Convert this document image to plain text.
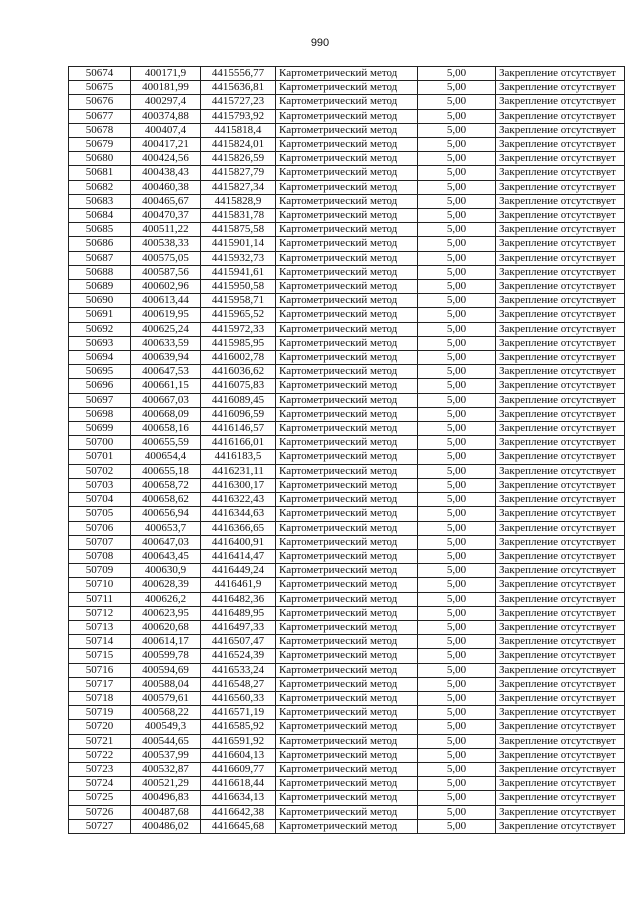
990
50674	400171,9	4415556,77	Картометрический метод	5,00	Закрепление отсутствует
50675	400181,99	4415636,81	Картометрический метод	5,00	Закрепление отсутствует
50676	400297,4	4415727,23	Картометрический метод	5,00	Закрепление отсутствует
50677	400374,88	4415793,92	Картометрический метод	5,00	Закрепление отсутствует
50678	400407,4	4415818,4	Картометрический метод	5,00	Закрепление отсутствует
50679	400417,21	4415824,01	Картометрический метод	5,00	Закрепление отсутствует
50680	400424,56	4415826,59	Картометрический метод	5,00	Закрепление отсутствует
50681	400438,43	4415827,79	Картометрический метод	5,00	Закрепление отсутствует
50682	400460,38	4415827,34	Картометрический метод	5,00	Закрепление отсутствует
50683	400465,67	4415828,9	Картометрический метод	5,00	Закрепление отсутствует
50684	400470,37	4415831,78	Картометрический метод	5,00	Закрепление отсутствует
50685	400511,22	4415875,58	Картометрический метод	5,00	Закрепление отсутствует
50686	400538,33	4415901,14	Картометрический метод	5,00	Закрепление отсутствует
50687	400575,05	4415932,73	Картометрический метод	5,00	Закрепление отсутствует
50688	400587,56	4415941,61	Картометрический метод	5,00	Закрепление отсутствует
50689	400602,96	4415950,58	Картометрический метод	5,00	Закрепление отсутствует
50690	400613,44	4415958,71	Картометрический метод	5,00	Закрепление отсутствует
50691	400619,95	4415965,52	Картометрический метод	5,00	Закрепление отсутствует
50692	400625,24	4415972,33	Картометрический метод	5,00	Закрепление отсутствует
50693	400633,59	4415985,95	Картометрический метод	5,00	Закрепление отсутствует
50694	400639,94	4416002,78	Картометрический метод	5,00	Закрепление отсутствует
50695	400647,53	4416036,62	Картометрический метод	5,00	Закрепление отсутствует
50696	400661,15	4416075,83	Картометрический метод	5,00	Закрепление отсутствует
50697	400667,03	4416089,45	Картометрический метод	5,00	Закрепление отсутствует
50698	400668,09	4416096,59	Картометрический метод	5,00	Закрепление отсутствует
50699	400658,16	4416146,57	Картометрический метод	5,00	Закрепление отсутствует
50700	400655,59	4416166,01	Картометрический метод	5,00	Закрепление отсутствует
50701	400654,4	4416183,5	Картометрический метод	5,00	Закрепление отсутствует
50702	400655,18	4416231,11	Картометрический метод	5,00	Закрепление отсутствует
50703	400658,72	4416300,17	Картометрический метод	5,00	Закрепление отсутствует
50704	400658,62	4416322,43	Картометрический метод	5,00	Закрепление отсутствует
50705	400656,94	4416344,63	Картометрический метод	5,00	Закрепление отсутствует
50706	400653,7	4416366,65	Картометрический метод	5,00	Закрепление отсутствует
50707	400647,03	4416400,91	Картометрический метод	5,00	Закрепление отсутствует
50708	400643,45	4416414,47	Картометрический метод	5,00	Закрепление отсутствует
50709	400630,9	4416449,24	Картометрический метод	5,00	Закрепление отсутствует
50710	400628,39	4416461,9	Картометрический метод	5,00	Закрепление отсутствует
50711	400626,2	4416482,36	Картометрический метод	5,00	Закрепление отсутствует
50712	400623,95	4416489,95	Картометрический метод	5,00	Закрепление отсутствует
50713	400620,68	4416497,33	Картометрический метод	5,00	Закрепление отсутствует
50714	400614,17	4416507,47	Картометрический метод	5,00	Закрепление отсутствует
50715	400599,78	4416524,39	Картометрический метод	5,00	Закрепление отсутствует
50716	400594,69	4416533,24	Картометрический метод	5,00	Закрепление отсутствует
50717	400588,04	4416548,27	Картометрический метод	5,00	Закрепление отсутствует
50718	400579,61	4416560,33	Картометрический метод	5,00	Закрепление отсутствует
50719	400568,22	4416571,19	Картометрический метод	5,00	Закрепление отсутствует
50720	400549,3	4416585,92	Картометрический метод	5,00	Закрепление отсутствует
50721	400544,65	4416591,92	Картометрический метод	5,00	Закрепление отсутствует
50722	400537,99	4416604,13	Картометрический метод	5,00	Закрепление отсутствует
50723	400532,87	4416609,77	Картометрический метод	5,00	Закрепление отсутствует
50724	400521,29	4416618,44	Картометрический метод	5,00	Закрепление отсутствует
50725	400496,83	4416634,13	Картометрический метод	5,00	Закрепление отсутствует
50726	400487,68	4416642,38	Картометрический метод	5,00	Закрепление отсутствует
50727	400486,02	4416645,68	Картометрический метод	5,00	Закрепление отсутствует
